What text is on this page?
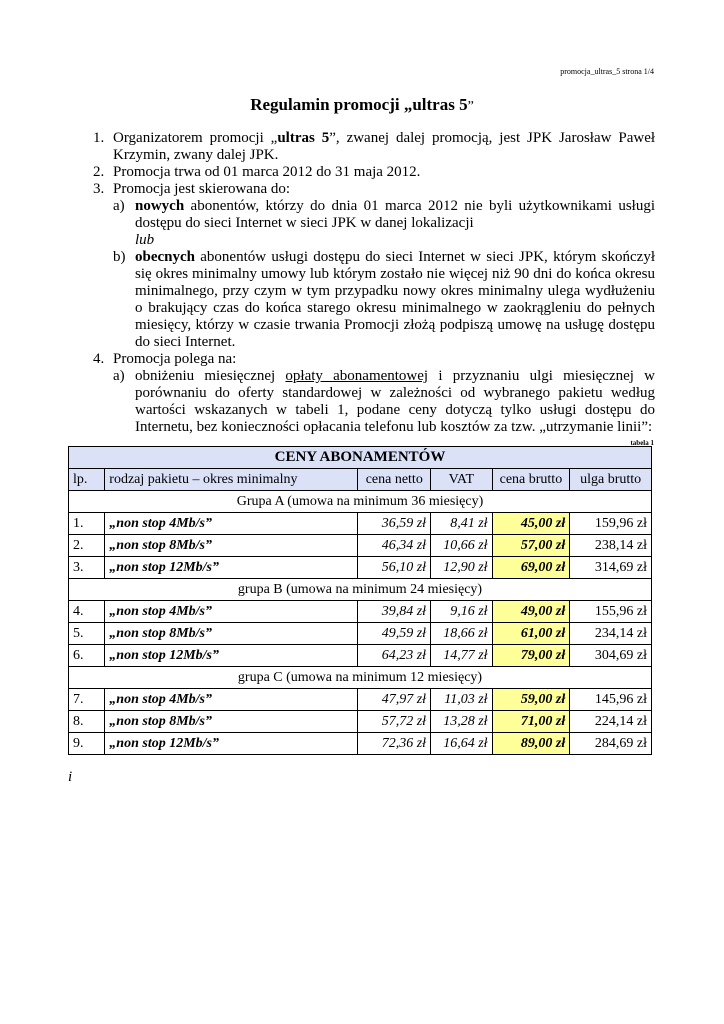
promocja_ultras_5 strona 1/4
Regulamin promocji „ultras 5”
1. Organizatorem promocji „ultras 5”, zwanej dalej promocją, jest JPK Jarosław Paweł Krzymin, zwany dalej JPK.
2. Promocja trwa od 01 marca 2012 do 31 maja 2012.
3. Promocja jest skierowana do:
a) nowych abonentów, którzy do dnia 01 marca 2012 nie byli użytkownikami usługi dostępu do sieci Internet w sieci JPK w danej lokalizacji
lub
b) obecnych abonentów usługi dostępu do sieci Internet w sieci JPK, którym skończył się okres minimalny umowy lub którym zostało nie więcej niż 90 dni do końca okresu minimalnego, przy czym w tym przypadku nowy okres minimalny ulega wydłużeniu o brakujący czas do końca starego okresu minimalnego w zaokrągleniu do pełnych miesięcy, którzy w czasie trwania Promocji złożą podpiszą umowę na usługę dostępu do sieci Internet.
4. Promocja polega na:
a) obniżeniu miesięcznej opłaty abonamentowej i przyznaniu ulgi miesięcznej w porównaniu do oferty standardowej w zależności od wybranego pakietu według wartości wskazanych w tabeli 1, podane ceny dotyczą tylko usługi dostępu do Internetu, bez konieczności opłacania telefonu lub kosztów za tzw. „utrzymanie linii”:
tabela 1
CENY ABONAMENTÓW					
lp.	rodzaj pakietu – okres minimalny	cena netto	VAT	cena brutto	ulga brutto
Grupa A (umowa na minimum 36 miesięcy)					
1.	„non stop 4Mb/s”	36,59 zł	8,41 zł	45,00 zł	159,96 zł
2.	„non stop 8Mb/s”	46,34 zł	10,66 zł	57,00 zł	238,14 zł
3.	„non stop 12Mb/s”	56,10 zł	12,90 zł	69,00 zł	314,69 zł
grupa B (umowa na minimum 24 miesięcy)					
4.	„non stop 4Mb/s”	39,84 zł	9,16 zł	49,00 zł	155,96 zł
5.	„non stop 8Mb/s”	49,59 zł	18,66 zł	61,00 zł	234,14 zł
6.	„non stop 12Mb/s”	64,23 zł	14,77 zł	79,00 zł	304,69 zł
grupa C (umowa na minimum 12 miesięcy)					
7.	„non stop 4Mb/s”	47,97 zł	11,03 zł	59,00 zł	145,96 zł
8.	„non stop 8Mb/s”	57,72 zł	13,28 zł	71,00 zł	224,14 zł
9.	„non stop 12Mb/s”	72,36 zł	16,64 zł	89,00 zł	284,69 zł
i
